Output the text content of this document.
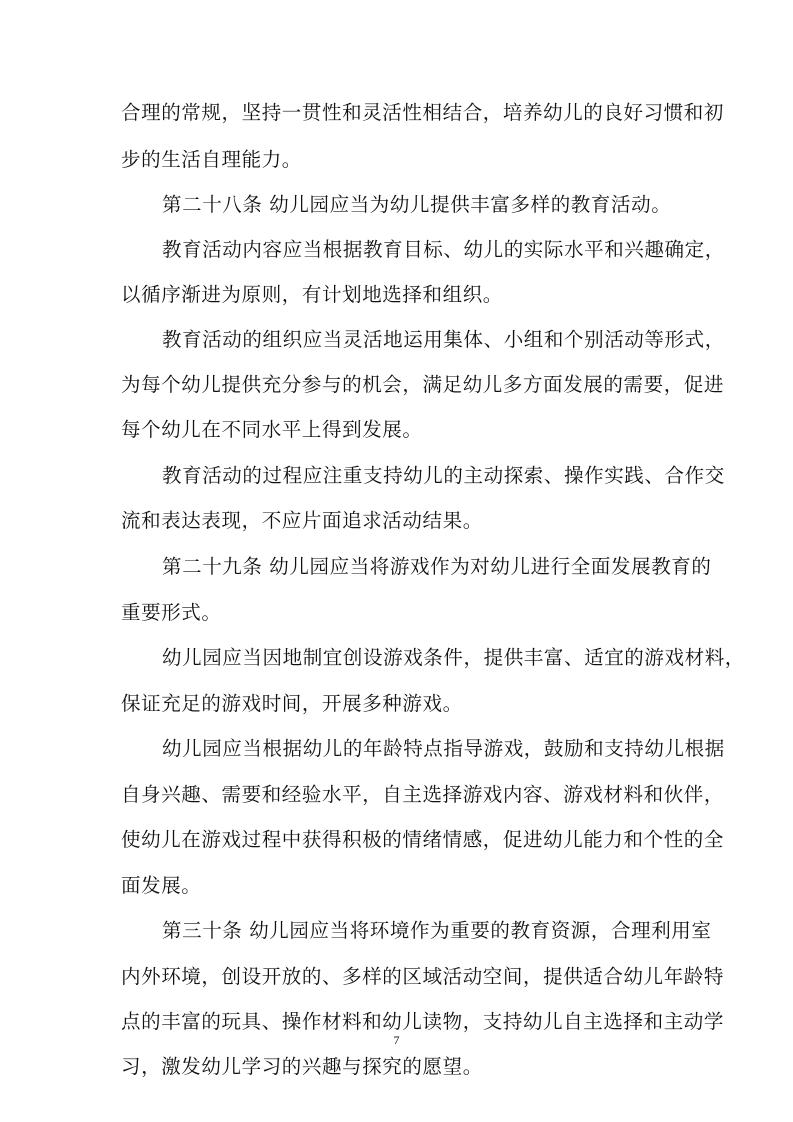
合理的常规，坚持一贯性和灵活性相结合，培养幼儿的良好习惯和初
步的生活自理能力。
第二十八条 幼儿园应当为幼儿提供丰富多样的教育活动。
教育活动内容应当根据教育目标、幼儿的实际水平和兴趣确定，
以循序渐进为原则，有计划地选择和组织。
教育活动的组织应当灵活地运用集体、小组和个别活动等形式，
为每个幼儿提供充分参与的机会，满足幼儿多方面发展的需要，促进
每个幼儿在不同水平上得到发展。
教育活动的过程应注重支持幼儿的主动探索、操作实践、合作交
流和表达表现，不应片面追求活动结果。
第二十九条 幼儿园应当将游戏作为对幼儿进行全面发展教育的
重要形式。
幼儿园应当因地制宜创设游戏条件，提供丰富、适宜的游戏材料，
保证充足的游戏时间，开展多种游戏。
幼儿园应当根据幼儿的年龄特点指导游戏，鼓励和支持幼儿根据
自身兴趣、需要和经验水平，自主选择游戏内容、游戏材料和伙伴，
使幼儿在游戏过程中获得积极的情绪情感，促进幼儿能力和个性的全
面发展。
第三十条 幼儿园应当将环境作为重要的教育资源，合理利用室
内外环境，创设开放的、多样的区域活动空间，提供适合幼儿年龄特
点的丰富的玩具、操作材料和幼儿读物，支持幼儿自主选择和主动学
习，激发幼儿学习的兴趣与探究的愿望。
7
